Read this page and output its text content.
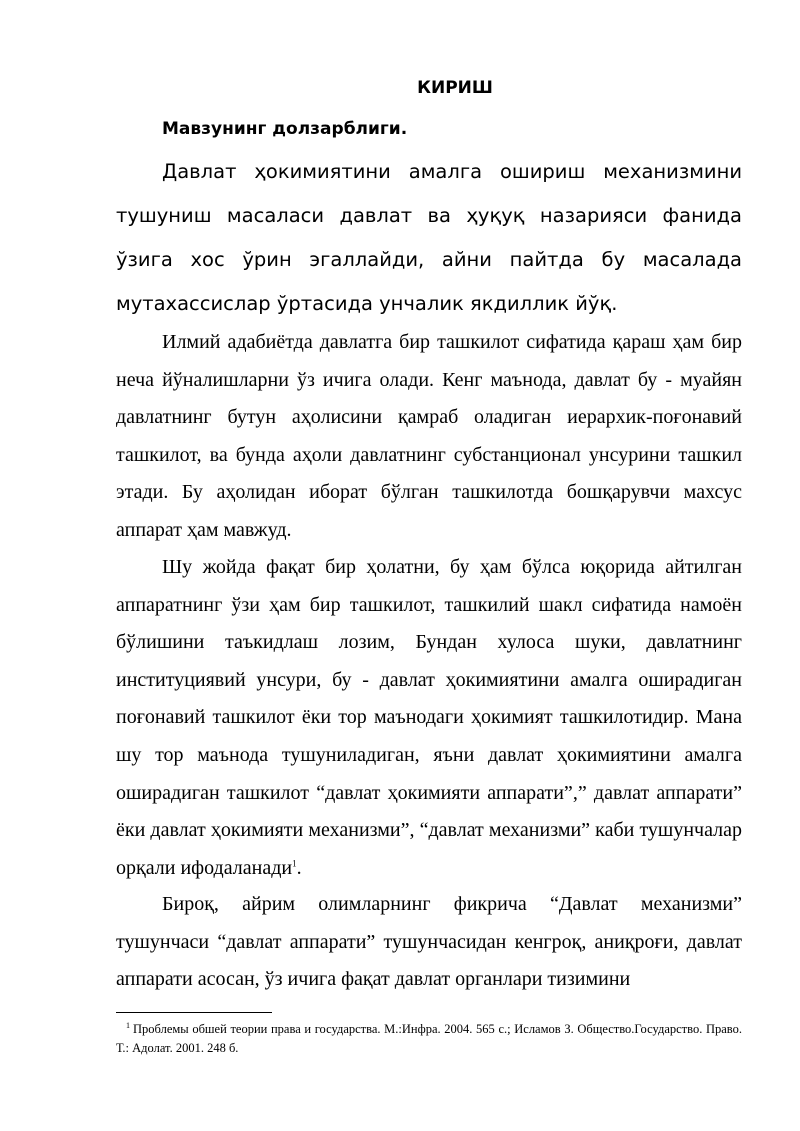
КИРИШ
Мавзунинг долзарблиги.

Давлат ҳокимиятини амалга ошириш механизмини тушуниш масаласи давлат ва ҳуқуқ назарияси фанида ўзига хос ўрин эгаллайди, айни пайтда бу масалада мутахассислар ўртасида унчалик якдиллик йўқ.

Илмий адабиётда давлатга бир ташкилот сифатида қараш ҳам бир неча йўналишларни ўз ичига олади. Кенг маънода, давлат бу - муайян давлатнинг бутун аҳолисини қамраб оладиган иерархик-поғонавий ташкилот, ва бунда аҳоли давлатнинг субстанционал унсурини ташкил этади. Бу аҳолидан иборат бўлган ташкилотда бошқарувчи махсус аппарат ҳам мавжуд.

Шу жойда фақат бир ҳолатни, бу ҳам бўлса юқорида айтилган аппаратнинг ўзи ҳам бир ташкилот, ташкилий шакл сифатида намоён бўлишини таъкидлаш лозим, Бундан хулоса шуки, давлатнинг институциявий унсури, бу - давлат ҳокимиятини амалга оширадиган поғонавий ташкилот ёки тор маънодаги ҳокимият ташкилотидир. Мана шу тор маънода тушуниладиган, яъни давлат ҳокимиятини амалга оширадиган ташкилот “давлат ҳокимияти аппарати”,” давлат аппарати” ёки давлат ҳокимияти механизми”, “давлат механизми” каби тушунчалар орқали ифодаланади$^1$.

Бироқ, айрим олимларнинг фикрича “Давлат механизми” тушунчаси “давлат аппарати” тушунчасидан кенгроқ, аниқроғи, давлат аппарати асосан, ўз ичига фақат давлат органлари тизимини

$^1$ Проблемы обшей теории права и государства. М.:Инфра. 2004. 565 с.; Исламов З. Общество.Государство. Право. Т.: Адолат. 2001. 248 б.
